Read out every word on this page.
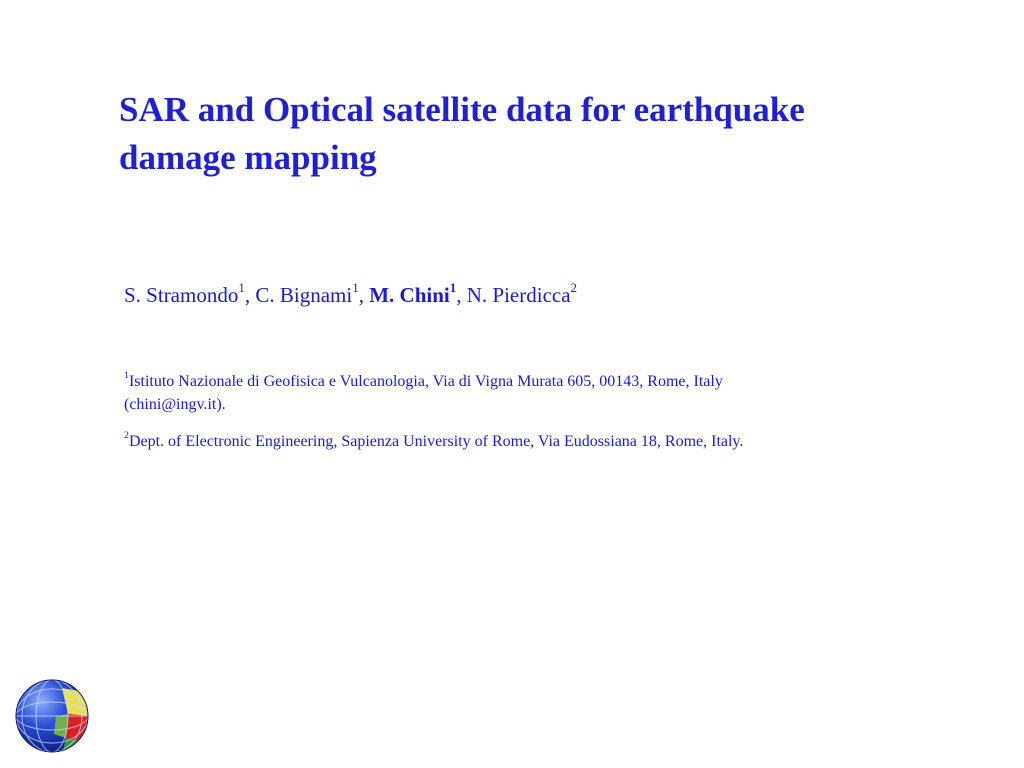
SAR and Optical satellite data for earthquake
damage mapping
S. Stramondo$^1$, C. Bignami$^1$, M. Chini$^1$, N. Pierdicca$^2$
$^1$Istituto Nazionale di Geofisica e Vulcanologia, Via di Vigna Murata 605, 00143, Rome, Italy
(chini@ingv.it).
$^2$Dept. of Electronic Engineering, Sapienza University of Rome, Via Eudossiana 18, Rome, Italy.
